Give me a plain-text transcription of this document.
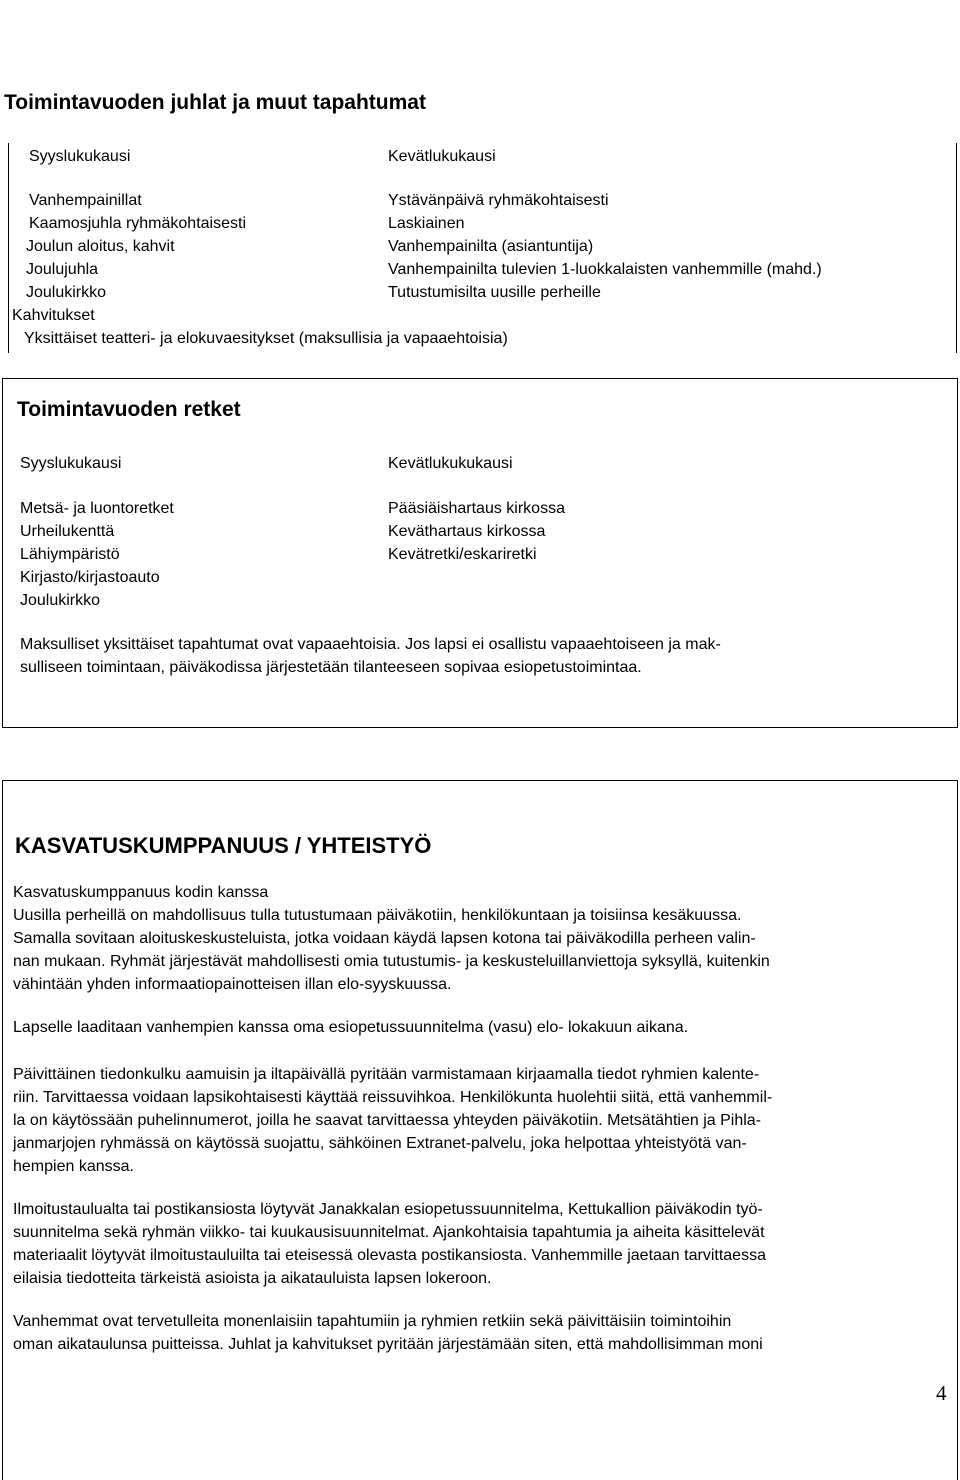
Toimintavuoden juhlat ja muut tapahtumat
Syyslukukausi	Kevätlukukausi
Vanhempainillat
Kaamosjuhla ryhmäkohtaisesti
Joulun aloitus, kahvit
Joulujuhla
Joulukirkko
Ystävänpäivä ryhmäkohtaisesti
Laskiainen
Vanhempainilta (asiantuntija)
Vanhempainilta tulevien 1-luokkalaisten vanhemmille (mahd.)
Tutustumisilta uusille perheille
Kahvitukset
Yksittäiset teatteri- ja elokuvaesitykset (maksullisia ja vapaaehtoisia)
Toimintavuoden retket
Syyslukukausi	Kevätlukukukausi
Metsä- ja luontoretket
Urheilukenttä
Lähiympäristö
Kirjasto/kirjastoauto
Joulukirkko
Pääsiäishartaus kirkossa
Keväthartaus kirkossa
Kevätretki/eskariretki
Maksulliset yksittäiset tapahtumat ovat vapaaehtoisia. Jos lapsi ei osallistu vapaaehtoiseen ja mak-
sulliseen toimintaan, päiväkodissa järjestetään tilanteeseen sopivaa esiopetustoimintaa.
KASVATUSKUMPPANUUS / YHTEISTYÖ
Kasvatuskumppanuus kodin kanssa
Uusilla perheillä on mahdollisuus tulla tutustumaan päiväkotiin, henkilökuntaan ja toisiinsa kesäkuussa.
Samalla sovitaan aloituskeskusteluista, jotka voidaan käydä lapsen kotona tai päiväkodilla perheen valin-
nan mukaan. Ryhmät järjestävät mahdollisesti omia tutustumis- ja keskusteluillanviettoja syksyllä, kuitenkin
vähintään yhden informaatiopainotteisen illan elo-syyskuussa.
Lapselle laaditaan vanhempien kanssa oma esiopetussuunnitelma (vasu) elo- lokakuun aikana.
Päivittäinen tiedonkulku aamuisin ja iltapäivällä pyritään varmistamaan kirjaamalla tiedot ryhmien kalente-
riin. Tarvittaessa voidaan lapsikohtaisesti käyttää reissuvihkoa. Henkilökunta huolehtii siitä, että vanhemmil-
la on käytössään puhelinnumerot, joilla he saavat tarvittaessa yhteyden päiväkotiin. Metsätähtien ja Pihla-
janmarjojen ryhmässä on käytössä suojattu, sähköinen Extranet-palvelu, joka helpottaa yhteistyötä van-
hempien kanssa.
Ilmoitustaulualta tai postikansiosta löytyvät Janakkalan esiopetussuunnitelma, Kettukallion päiväkodin työ-
suunnitelma sekä ryhmän viikko- tai kuukausisuunnitelmat. Ajankohtaisia tapahtumia ja aiheita käsittelevät
materiaalit löytyvät ilmoitustauluilta tai eteisessä olevasta postikansiosta. Vanhemmille jaetaan tarvittaessa
eilaisia tiedotteita tärkeistä asioista ja aikatauluista lapsen lokeroon.
Vanhemmat ovat tervetulleita monenlaisiin tapahtumiin ja ryhmien retkiin sekä päivittäisiin toimintoihin
oman aikataulunsa puitteissa. Juhlat ja kahvitukset pyritään järjestämään siten, että mahdollisimman moni
4
